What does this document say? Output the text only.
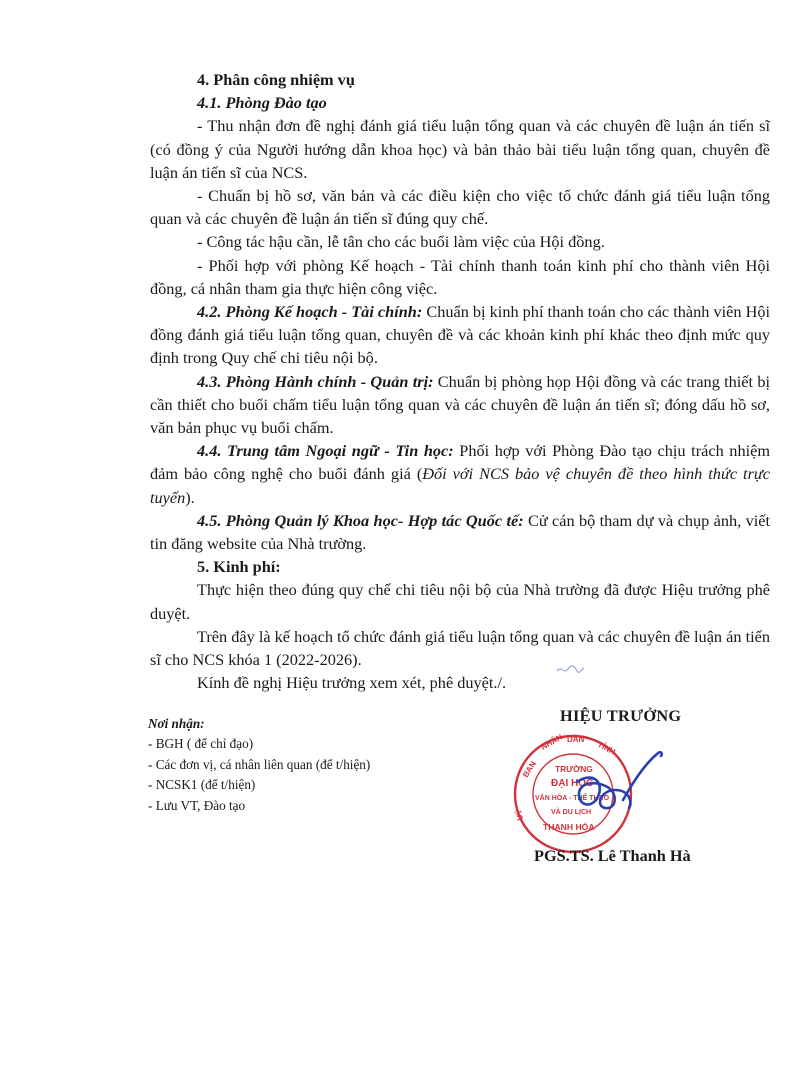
4. Phân công nhiệm vụ

4.1. Phòng Đào tạo

- Thu nhận đơn đề nghị đánh giá tiểu luận tổng quan và các chuyên đề luận án tiến sĩ (có đồng ý của Người hướng dẫn khoa học) và bản thảo bài tiểu luận tổng quan, chuyên đề luận án tiến sĩ của NCS.

- Chuẩn bị hồ sơ, văn bản và các điều kiện cho việc tổ chức đánh giá tiểu luận tổng quan và các chuyên đề luận án tiến sĩ đúng quy chế.

- Công tác hậu cần, lễ tân cho các buổi làm việc của Hội đồng.

- Phối hợp với phòng Kế hoạch - Tài chính thanh toán kinh phí cho thành viên Hội đồng, cá nhân tham gia thực hiện công việc.

4.2. Phòng Kế hoạch - Tài chính: Chuẩn bị kinh phí thanh toán cho các thành viên Hội đồng đánh giá tiểu luận tổng quan, chuyên đề và các khoản kinh phí khác theo định mức quy định trong Quy chế chi tiêu nội bộ.

4.3. Phòng Hành chính - Quản trị: Chuẩn bị phòng họp Hội đồng và các trang thiết bị cần thiết cho buổi chấm tiểu luận tổng quan và các chuyên đề luận án tiến sĩ; đóng dấu hồ sơ, văn bản phục vụ buổi chấm.

4.4. Trung tâm Ngoại ngữ - Tin học: Phối hợp với Phòng Đào tạo chịu trách nhiệm đảm bảo công nghệ cho buổi đánh giá (Đối với NCS bảo vệ chuyên đề theo hình thức trực tuyến).

4.5. Phòng Quản lý Khoa học- Hợp tác Quốc tế: Cử cán bộ tham dự và chụp ảnh, viết tin đăng website của Nhà trường.

5. Kinh phí:

Thực hiện theo đúng quy chế chi tiêu nội bộ của Nhà trường đã được Hiệu trưởng phê duyệt.

Trên đây là kế hoạch tổ chức đánh giá tiểu luận tổng quan và các chuyên đề luận án tiến sĩ cho NCS khóa 1 (2022-2026).

Kính đề nghị Hiệu trưởng xem xét, phê duyệt./.

Nơi nhận:
- BGH ( để chỉ đạo)
- Các đơn vị, cá nhân liên quan (để t/hiện)
- NCSK1 (để t/hiện)
- Lưu VT, Đào tạo
HIỆU TRƯỞNG
BAN
NHÂN DÂN
TỈNH
UỶ
TRƯỜNG
ĐẠI HỌC
VĂN HÓA - THỂ THAO
VÀ DU LỊCH
THANH HÓA
PGS.TS. Lê Thanh Hà
